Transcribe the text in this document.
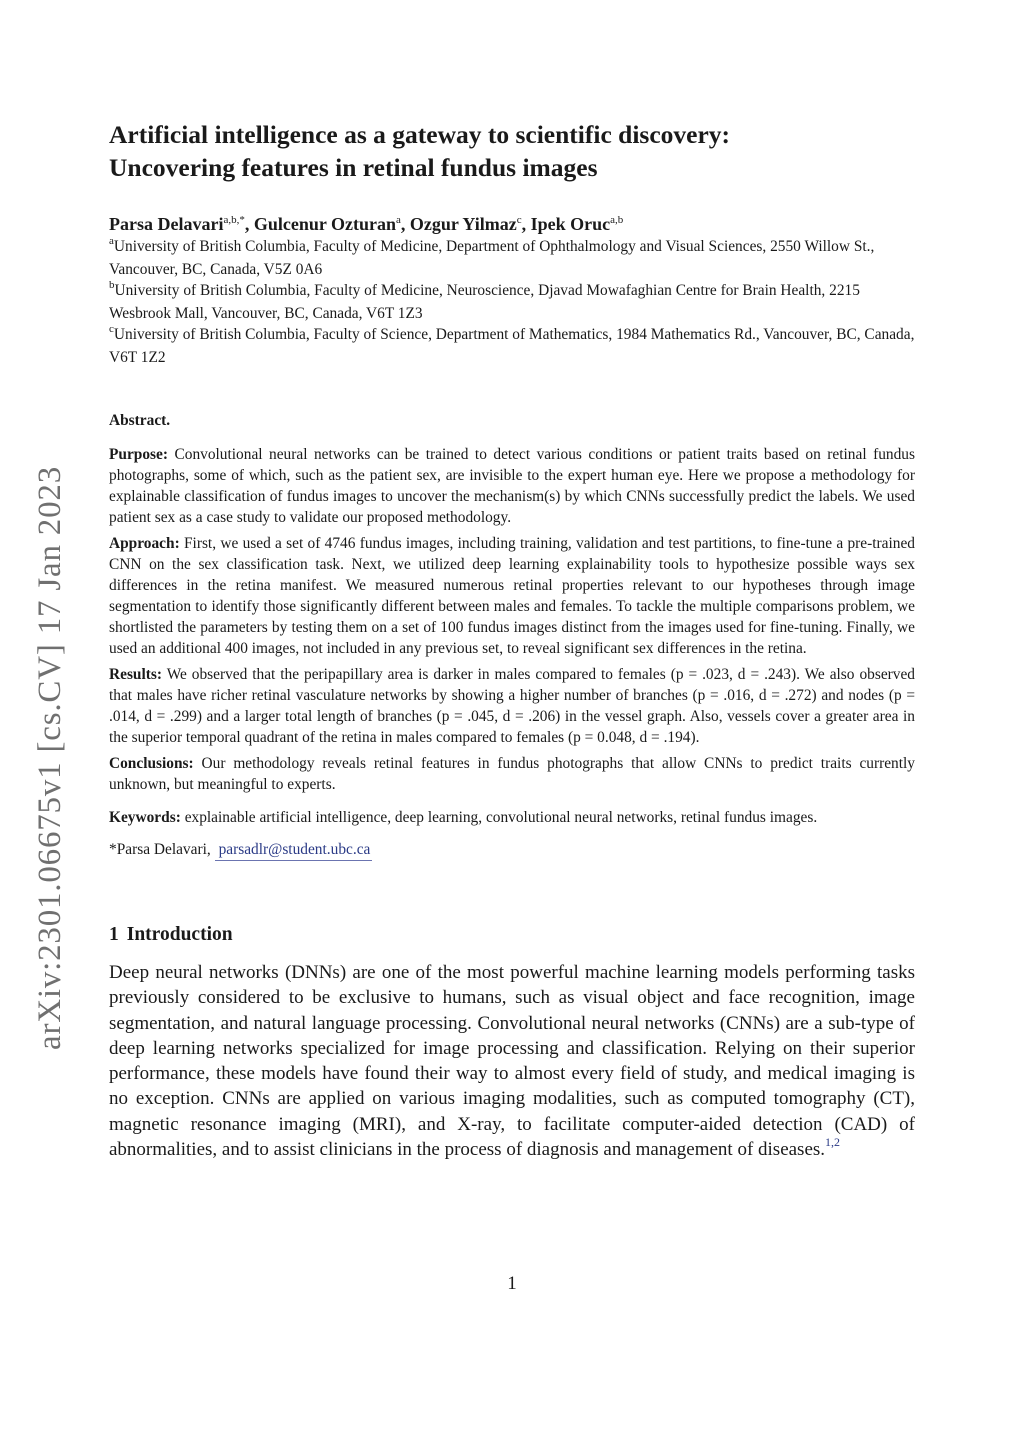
arXiv:2301.06675v1 [cs.CV] 17 Jan 2023
Artificial intelligence as a gateway to scientific discovery:
Uncovering features in retinal fundus images
Parsa Delavari$^{a,b,*}$, Gulcenur Ozturan$^a$, Ozgur Yilmaz$^c$, Ipek Oruc$^{a,b}$

$^a$University of British Columbia, Faculty of Medicine, Department of Ophthalmology and Visual Sciences, 2550 Willow St., Vancouver, BC, Canada, V5Z 0A6

$^b$University of British Columbia, Faculty of Medicine, Neuroscience, Djavad Mowafaghian Centre for Brain Health, 2215 Wesbrook Mall, Vancouver, BC, Canada, V6T 1Z3

$^c$University of British Columbia, Faculty of Science, Department of Mathematics, 1984 Mathematics Rd., Vancouver, BC, Canada, V6T 1Z2

Abstract.

Purpose: Convolutional neural networks can be trained to detect various conditions or patient traits based on retinal fundus photographs, some of which, such as the patient sex, are invisible to the expert human eye. Here we propose a methodology for explainable classification of fundus images to uncover the mechanism(s) by which CNNs successfully predict the labels. We used patient sex as a case study to validate our proposed methodology.

Approach: First, we used a set of 4746 fundus images, including training, validation and test partitions, to fine-tune a pre-trained CNN on the sex classification task. Next, we utilized deep learning explainability tools to hypothesize possible ways sex differences in the retina manifest. We measured numerous retinal properties relevant to our hypotheses through image segmentation to identify those significantly different between males and females. To tackle the multiple comparisons problem, we shortlisted the parameters by testing them on a set of 100 fundus images distinct from the images used for fine-tuning. Finally, we used an additional 400 images, not included in any previous set, to reveal significant sex differences in the retina.

Results: We observed that the peripapillary area is darker in males compared to females (p = .023, d = .243). We also observed that males have richer retinal vasculature networks by showing a higher number of branches (p = .016, d = .272) and nodes (p = .014, d = .299) and a larger total length of branches (p = .045, d = .206) in the vessel graph. Also, vessels cover a greater area in the superior temporal quadrant of the retina in males compared to females (p = 0.048, d = .194).

Conclusions: Our methodology reveals retinal features in fundus photographs that allow CNNs to predict traits currently unknown, but meaningful to experts.

Keywords: explainable artificial intelligence, deep learning, convolutional neural networks, retinal fundus images.

*Parsa Delavari, parsadlr@student.ubc.ca

1 Introduction

Deep neural networks (DNNs) are one of the most powerful machine learning models performing tasks previously considered to be exclusive to humans, such as visual object and face recognition, image segmentation, and natural language processing. Convolutional neural networks (CNNs) are a sub-type of deep learning networks specialized for image processing and classification. Relying on their superior performance, these models have found their way to almost every field of study, and medical imaging is no exception. CNNs are applied on various imaging modalities, such as computed tomography (CT), magnetic resonance imaging (MRI), and X-ray, to facilitate computer-aided detection (CAD) of abnormalities, and to assist clinicians in the process of diagnosis and management of diseases.$^{1,2}$

1
